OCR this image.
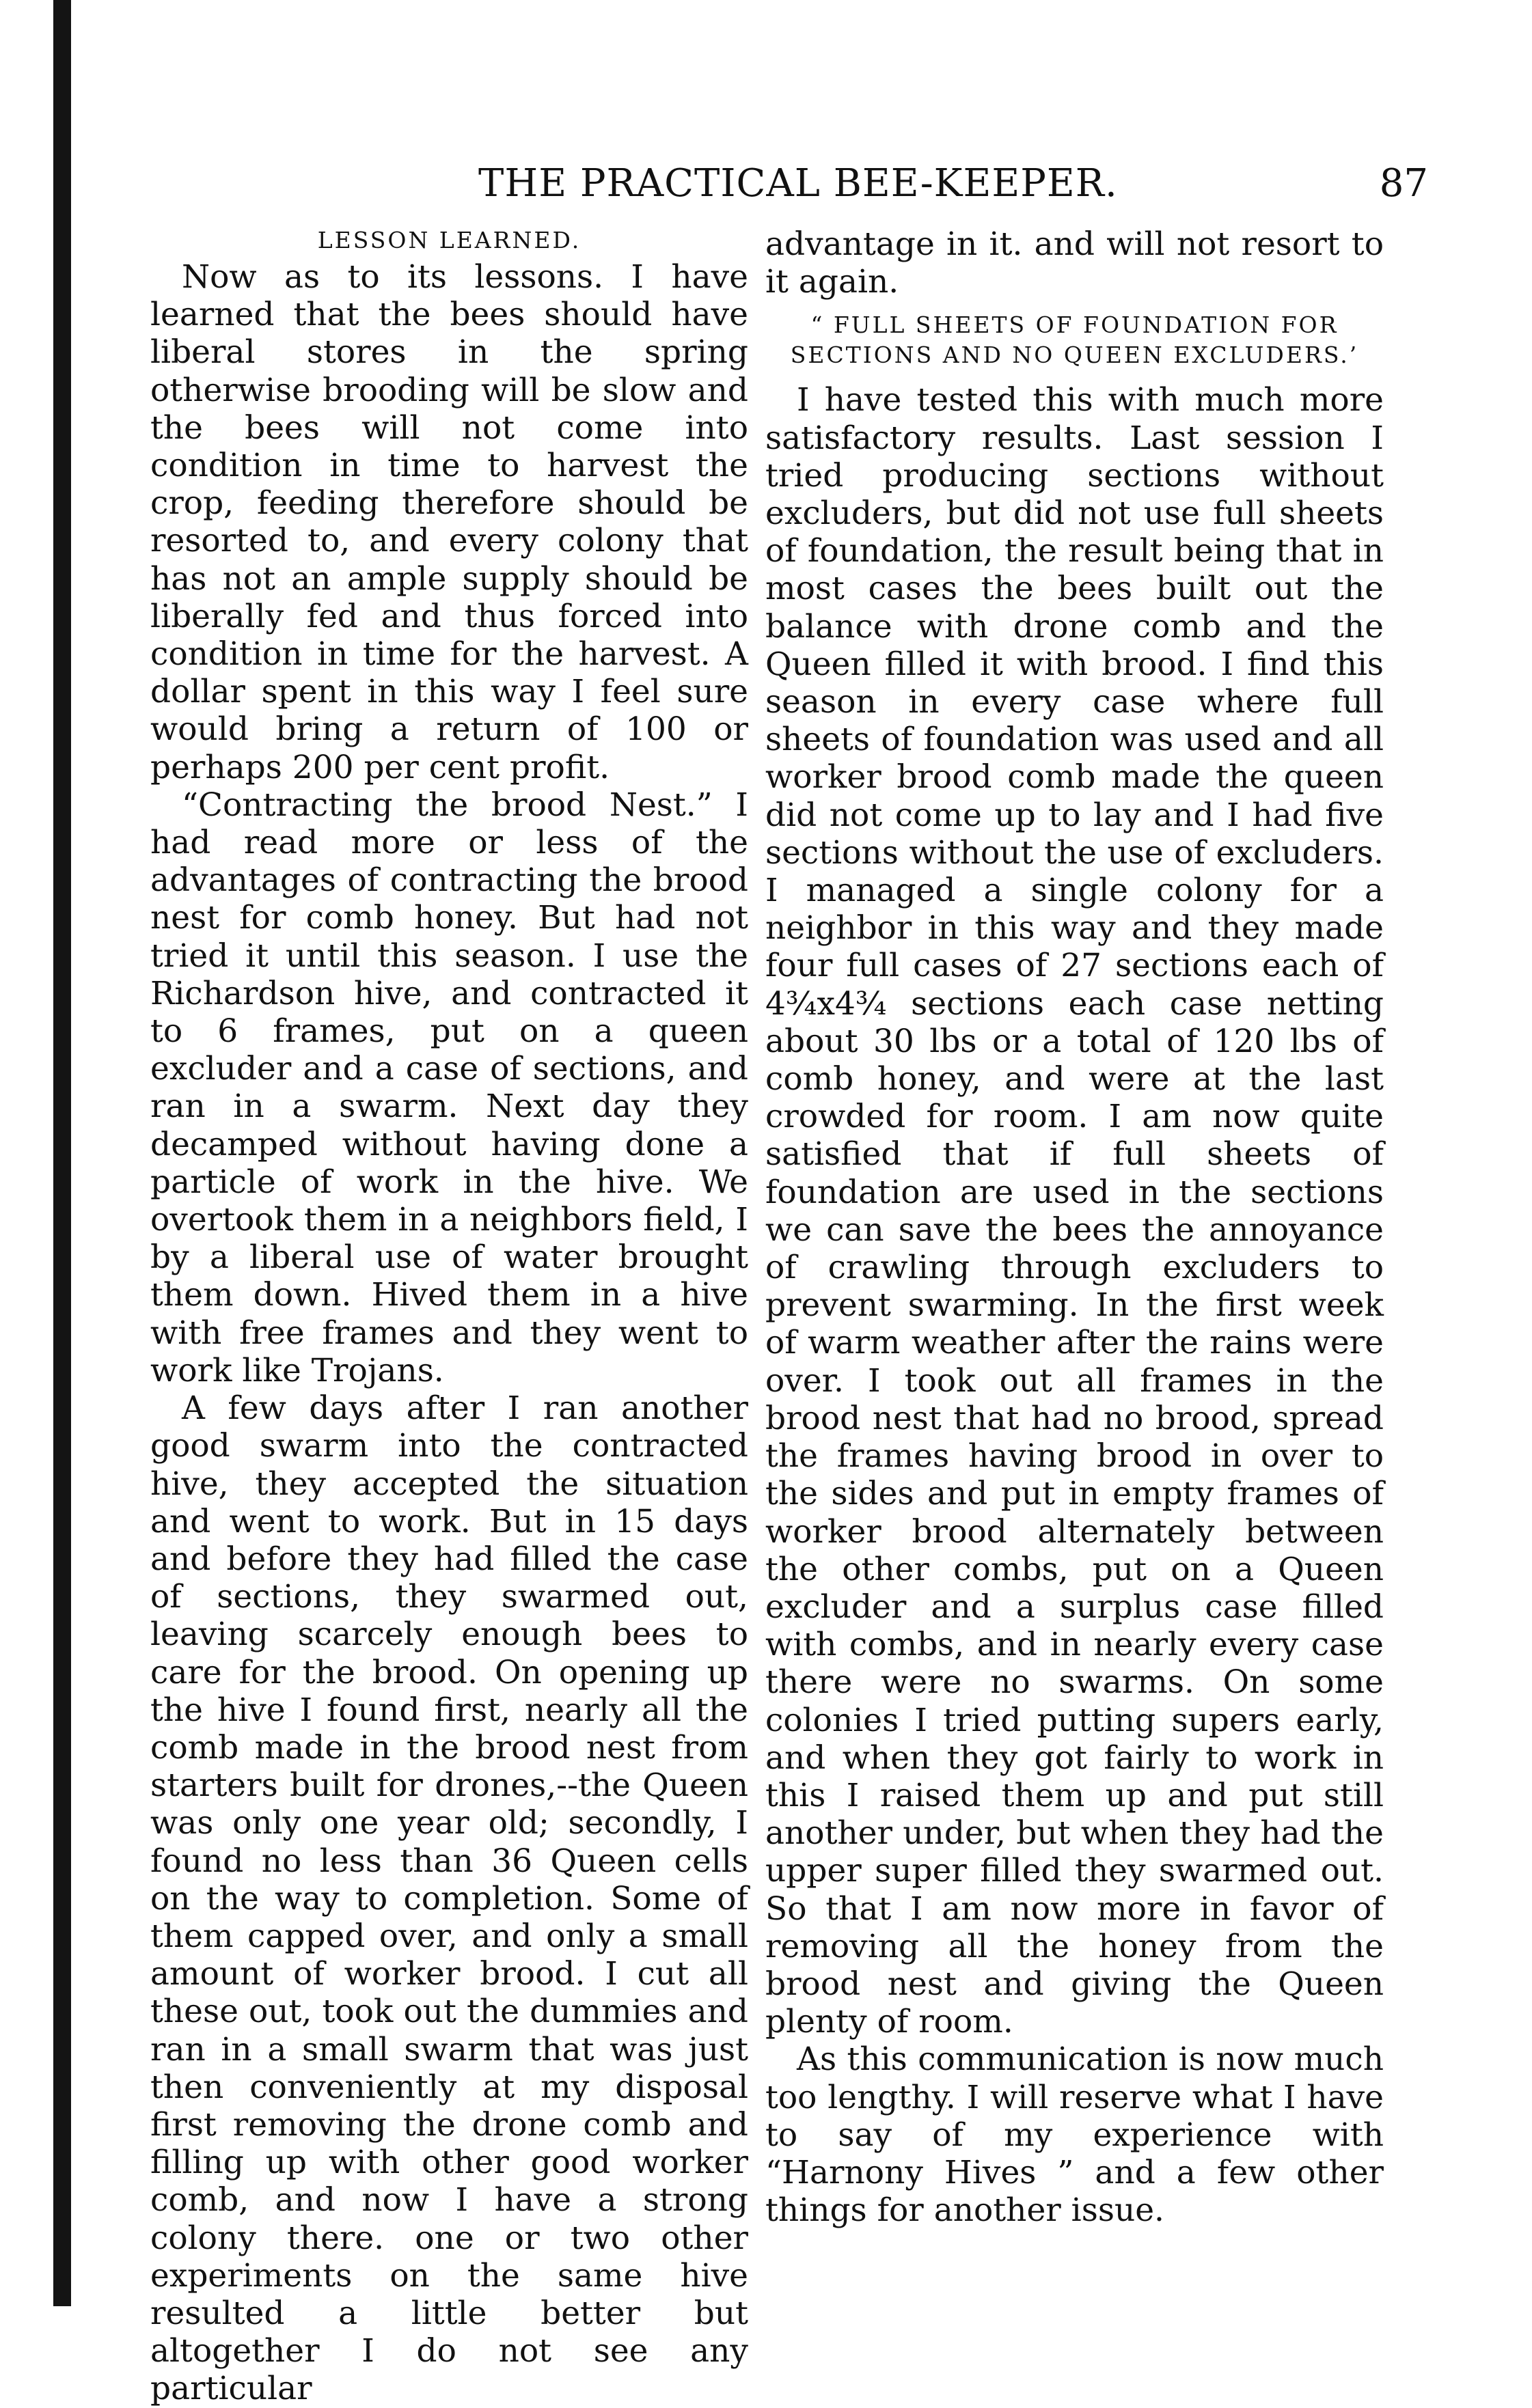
THE PRACTICAL BEE-KEEPER.	87
LESSON LEARNED.

Now as to its lessons. I have learned that the bees should have liberal stores in the spring otherwise brooding will be slow and the bees will not come into condition in time to harvest the crop, feeding therefore should be resorted to, and every colony that has not an ample supply should be liberally fed and thus forced into condition in time for the harvest. A dollar spent in this way I feel sure would bring a return of 100 or perhaps 200 per cent profit.

“Contracting the brood Nest.” I had read more or less of the advantages of contracting the brood nest for comb honey. But had not tried it until this season. I use the Richardson hive, and contracted it to 6 frames, put on a queen excluder and a case of sections, and ran in a swarm. Next day they decamped without having done a particle of work in the hive. We overtook them in a neighbors field, I by a liberal use of water brought them down. Hived them in a hive with free frames and they went to work like Trojans.

A few days after I ran another good swarm into the contracted hive, they accepted the situation and went to work. But in 15 days and before they had filled the case of sections, they swarmed out, leaving scarcely enough bees to care for the brood. On opening up the hive I found first, nearly all the comb made in the brood nest from starters built for drones,--the Queen was only one year old; secondly, I found no less than 36 Queen cells on the way to completion. Some of them capped over, and only a small amount of worker brood. I cut all these out, took out the dummies and ran in a small swarm that was just then conveniently at my disposal first removing the drone comb and filling up with other good worker comb, and now I have a strong colony there. one or two other experiments on the same hive resulted a little better but altogether I do not see any particular

advantage in it. and will not resort to it again.

“ FULL SHEETS OF FOUNDATION FOR SECTIONS AND NO QUEEN EXCLUDERS.’

I have tested this with much more satisfactory results. Last session I tried producing sections without excluders, but did not use full sheets of foundation, the result being that in most cases the bees built out the balance with drone comb and the Queen filled it with brood. I find this season in every case where full sheets of foundation was used and all worker brood comb made the queen did not come up to lay and I had five sections without the use of excluders. I managed a single colony for a neighbor in this way and they made four full cases of 27 sections each of 4¾x4¾ sections each case netting about 30 lbs or a total of 120 lbs of comb honey, and were at the last crowded for room. I am now quite satisfied that if full sheets of foundation are used in the sections we can save the bees the annoyance of crawling through excluders to prevent swarming. In the first week of warm weather after the rains were over. I took out all frames in the brood nest that had no brood, spread the frames having brood in over to the sides and put in empty frames of worker brood alternately between the other combs, put on a Queen excluder and a surplus case filled with combs, and in nearly every case there were no swarms. On some colonies I tried putting supers early, and when they got fairly to work in this I raised them up and put still another under, but when they had the upper super filled they swarmed out. So that I am now more in favor of removing all the honey from the brood nest and giving the Queen plenty of room.

As this communication is now much too lengthy. I will reserve what I have to say of my experience with “Harnony Hives ” and a few other things for another issue.
